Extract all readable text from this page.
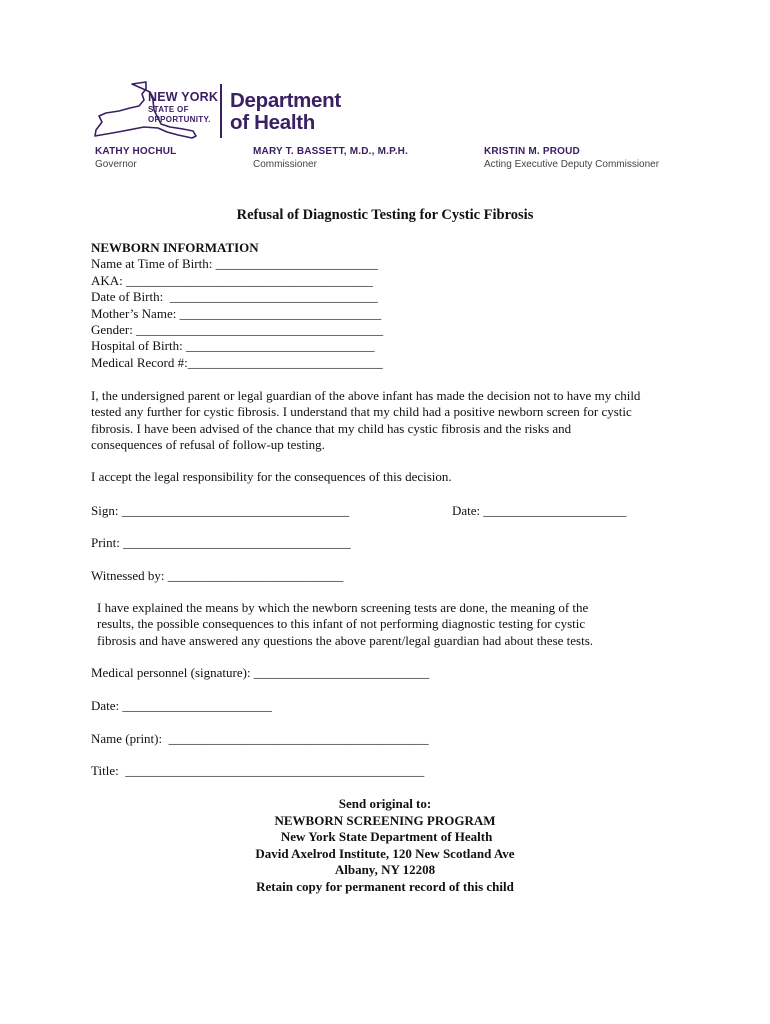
NEW YORK
STATE OF
OPPORTUNITY.
Department
of Health
KATHY HOCHUL
Governor
MARY T. BASSETT, M.D., M.P.H.
Commissioner
KRISTIN M. PROUD
Acting Executive Deputy Commissioner
Refusal of Diagnostic Testing for Cystic Fibrosis
NEWBORN INFORMATION
Name at Time of Birth: _________________________
AKA: ______________________________________
Date of Birth:  ________________________________
Mother’s Name: _______________________________
Gender: ______________________________________
Hospital of Birth: _____________________________
Medical Record #:______________________________
I, the undersigned parent or legal guardian of the above infant has made the decision not to have my child
tested any further for cystic fibrosis. I understand that my child had a positive newborn screen for cystic
fibrosis. I have been advised of the chance that my child has cystic fibrosis and the risks and
consequences of refusal of follow-up testing.
I accept the legal responsibility for the consequences of this decision.
Sign: ___________________________________	Date: ______________________
Print: ___________________________________
Witnessed by: ___________________________
I have explained the means by which the newborn screening tests are done, the meaning of the
results, the possible consequences to this infant of not performing diagnostic testing for cystic
fibrosis and have answered any questions the above parent/legal guardian had about these tests.
Medical personnel (signature): ___________________________
Date: _______________________
Name (print):  ________________________________________
Title:  ______________________________________________
Send original to:
NEWBORN SCREENING PROGRAM
New York State Department of Health
David Axelrod Institute, 120 New Scotland Ave
Albany, NY 12208
Retain copy for permanent record of this child
